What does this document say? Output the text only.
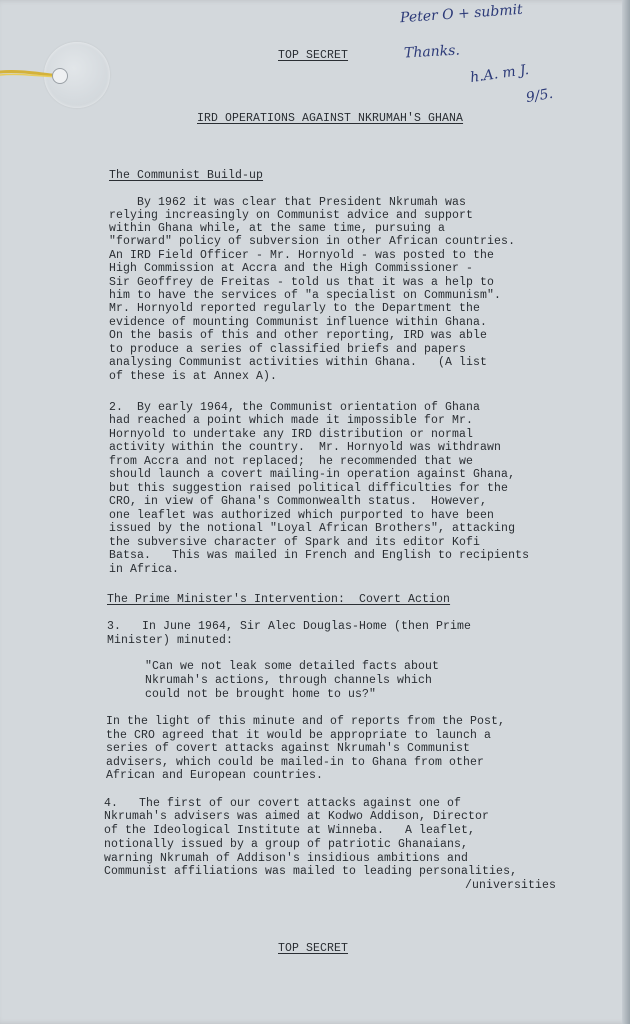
Peter O + submit
Thanks.
h.A. m J.
9/5.
TOP SECRET
IRD OPERATIONS AGAINST NKRUMAH'S GHANA
The Communist Build-up
By 1962 it was clear that President Nkrumah was
relying increasingly on Communist advice and support
within Ghana while, at the same time, pursuing a
"forward" policy of subversion in other African countries.
An IRD Field Officer - Mr. Hornyold - was posted to the
High Commission at Accra and the High Commissioner -
Sir Geoffrey de Freitas - told us that it was a help to
him to have the services of "a specialist on Communism".
Mr. Hornyold reported regularly to the Department the
evidence of mounting Communist influence within Ghana.
On the basis of this and other reporting, IRD was able
to produce a series of classified briefs and papers
analysing Communist activities within Ghana.   (A list
of these is at Annex A).
2.  By early 1964, the Communist orientation of Ghana
had reached a point which made it impossible for Mr.
Hornyold to undertake any IRD distribution or normal
activity within the country.  Mr. Hornyold was withdrawn
from Accra and not replaced;  he recommended that we
should launch a covert mailing-in operation against Ghana,
but this suggestion raised political difficulties for the
CRO, in view of Ghana's Commonwealth status.  However,
one leaflet was authorized which purported to have been
issued by the notional "Loyal African Brothers", attacking
the subversive character of Spark and its editor Kofi
Batsa.   This was mailed in French and English to recipients
in Africa.
The Prime Minister's Intervention:  Covert Action
3.   In June 1964, Sir Alec Douglas-Home (then Prime
Minister) minuted:
"Can we not leak some detailed facts about
Nkrumah's actions, through channels which
could not be brought home to us?"
In the light of this minute and of reports from the Post,
the CRO agreed that it would be appropriate to launch a
series of covert attacks against Nkrumah's Communist
advisers, which could be mailed-in to Ghana from other
African and European countries.
4.   The first of our covert attacks against one of
Nkrumah's advisers was aimed at Kodwo Addison, Director
of the Ideological Institute at Winneba.   A leaflet,
notionally issued by a group of patriotic Ghanaians,
warning Nkrumah of Addison's insidious ambitions and
Communist affiliations was mailed to leading personalities,
/universities
TOP SECRET
